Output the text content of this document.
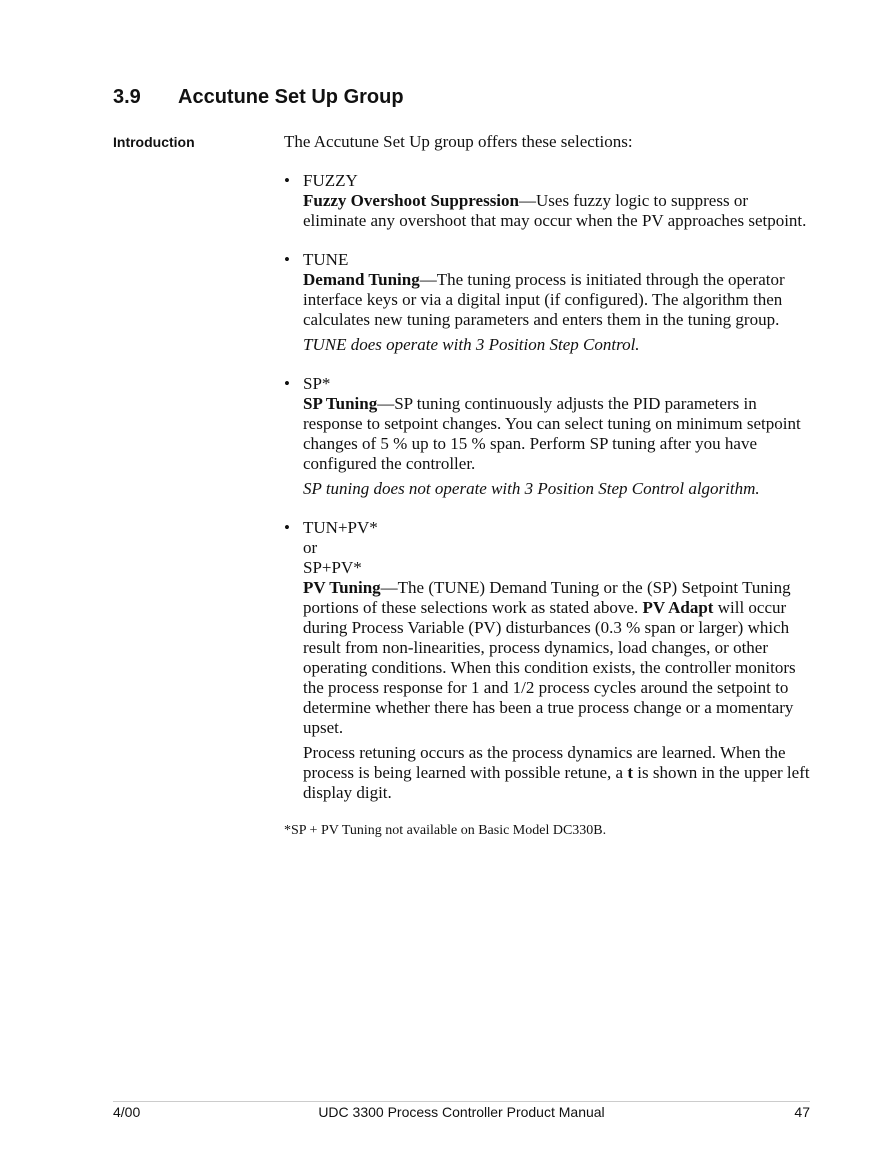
3.9 Accutune Set Up Group
Introduction	The Accutune Set Up group offers these selections:

• FUZZY

Fuzzy Overshoot Suppression—Uses fuzzy logic to suppress or eliminate any overshoot that may occur when the PV approaches setpoint.

• TUNE

Demand Tuning—The tuning process is initiated through the operator interface keys or via a digital input (if configured). The algorithm then calculates new tuning parameters and enters them in the tuning group.

TUNE does operate with 3 Position Step Control.

• SP*

SP Tuning—SP tuning continuously adjusts the PID parameters in response to setpoint changes. You can select tuning on minimum setpoint changes of 5 % up to 15 % span. Perform SP tuning after you have configured the controller.

SP tuning does not operate with 3 Position Step Control algorithm.

• TUN+PV*
or
SP+PV*

PV Tuning—The (TUNE) Demand Tuning or the (SP) Setpoint Tuning portions of these selections work as stated above. PV Adapt will occur during Process Variable (PV) disturbances (0.3 % span or larger) which result from non-linearities, process dynamics, load changes, or other operating conditions. When this condition exists, the controller monitors the process response for 1 and 1/2 process cycles around the setpoint to determine whether there has been a true process change or a momentary upset.

Process retuning occurs as the process dynamics are learned. When the process is being learned with possible retune, a t is shown in the upper left display digit.

*SP + PV Tuning not available on Basic Model DC330B.

4/00	UDC 3300 Process Controller Product Manual	47
